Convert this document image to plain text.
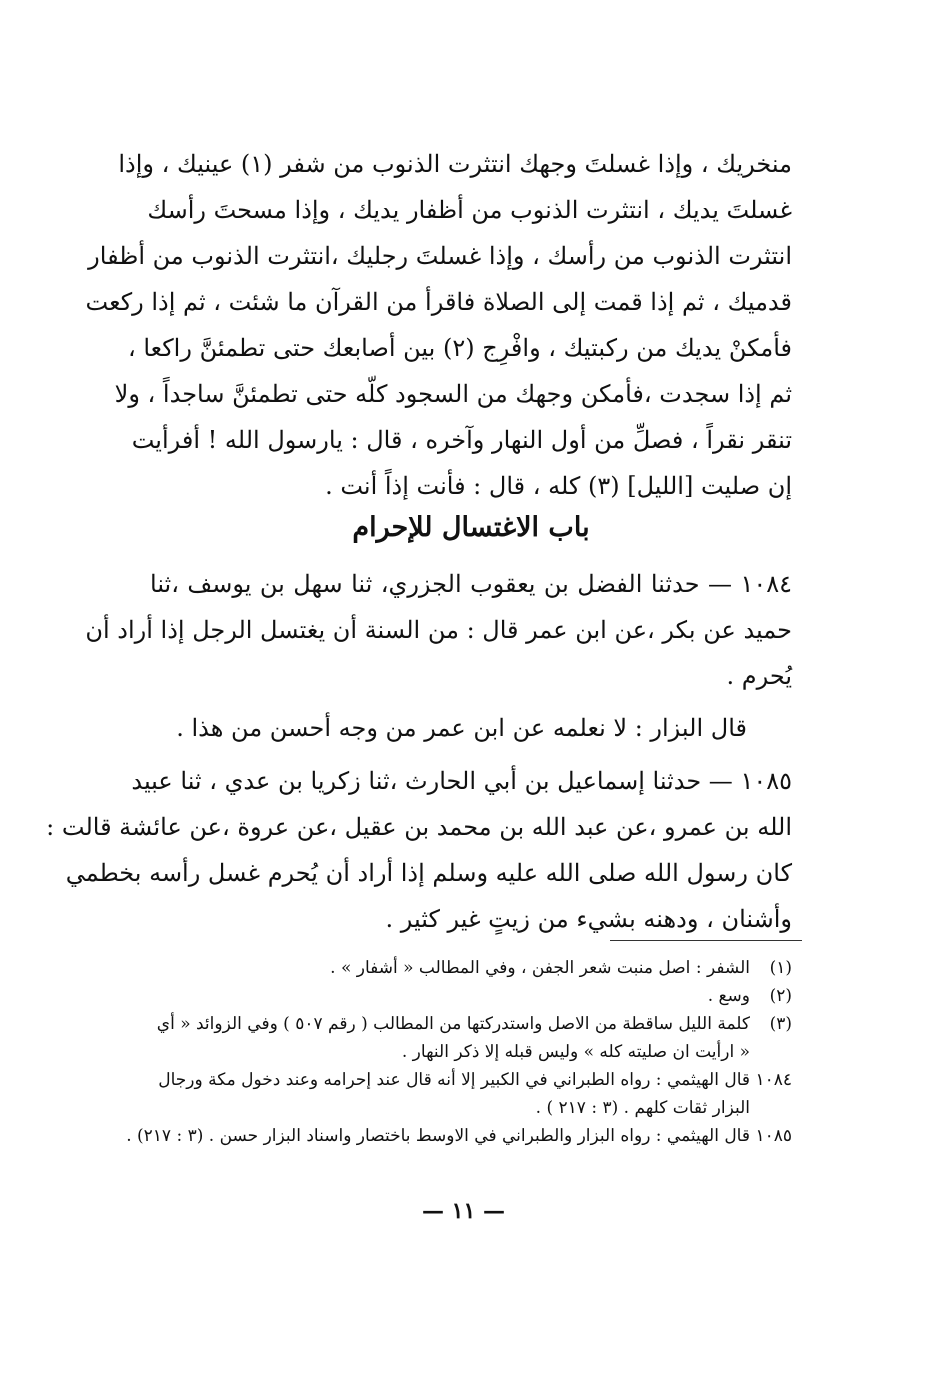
منخريك ، وإذا غسلتَ وجهك انتثرت الذنوب من شفر (١) عينيك ، وإذا
غسلتَ يديك ، انتثرت الذنوب من أظفار يديك ، وإذا مسحتَ رأسك
انتثرت الذنوب من رأسك ، وإذا غسلتَ رجليك ،انتثرت الذنوب من أظفار
قدميك ، ثم إذا قمت إلى الصلاة فاقرأ من القرآن ما شئت ، ثم إذا ركعت
فأمكنْ يديك من ركبتيك ، وافْرِج (٢) بين أصابعك حتى تطمئنَّ راكعا ،
ثم إذا سجدت ،فأمكن وجهك من السجود كلّه حتى تطمئنَّ ساجداً ، ولا
تنقر نقراً ، فصلِّ من أول النهار وآخره ، قال : يارسول الله ! أفرأيت
إن صليت [الليل] (٣) كله ، قال : فأنت إذاً أنت .
باب الاغتسال للإحرام
١٠٨٤ — حدثنا الفضل بن يعقوب الجزري، ثنا سهل بن يوسف ،ثنا
حميد عن بكر ،عن ابن عمر قال : من السنة أن يغتسل الرجل إذا أراد أن
يُحرم .
قال البزار : لا نعلمه عن ابن عمر من وجه أحسن من هذا .
١٠٨٥ — حدثنا إسماعيل بن أبي الحارث ،ثنا زكريا بن عدي ، ثنا عبيد
الله بن عمرو ،عن عبد الله بن محمد بن عقيل ،عن عروة ،عن عائشة قالت :
كان رسول الله صلى الله عليه وسلم إذا أراد أن يُحرم غسل رأسه بخطمي
وأشنان ، ودهنه بشيء من زيتٍ غير كثير .
(١)الشفر : اصل منبت شعر الجفن ، وفي المطالب « أشفار » .
(٢)وسع .
(٣)كلمة الليل ساقطة من الاصل واستدركتها من المطالب ( رقم ٥٠٧ ) وفي الزوائد « أي
« ارأيت ان صليته كله » وليس قبله إلا ذكر النهار .
١٠٨٤قال الهيثمي : رواه الطبراني في الكبير إلا أنه قال عند إحرامه وعند دخول مكة ورجال
البزار ثقات كلهم . (٣ : ٢١٧ ) .
١٠٨٥قال الهيثمي : رواه البزار والطبراني في الاوسط باختصار واسناد البزار حسن . (٣ : ٢١٧) .
— ١١ —
